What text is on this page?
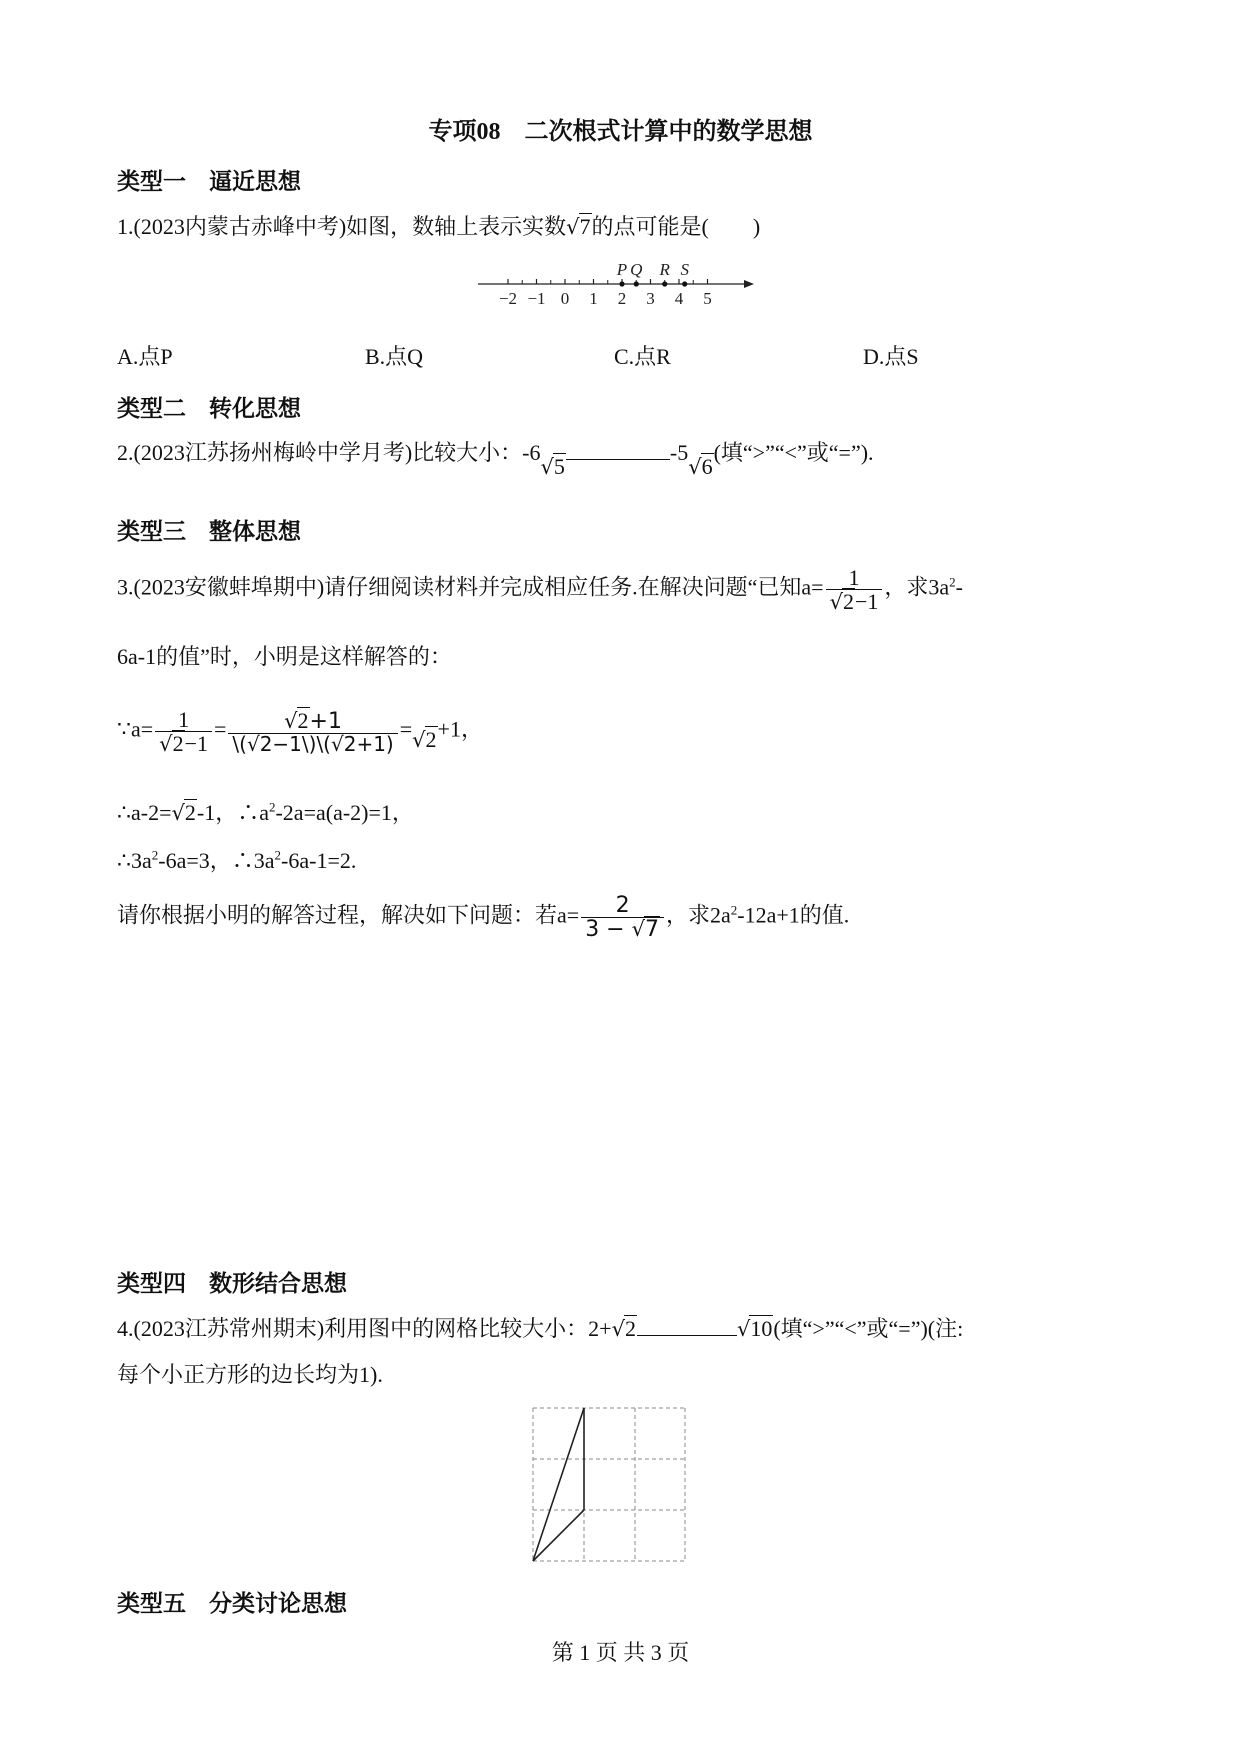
专项08　二次根式计算中的数学思想
类型一　逼近思想
1.(2023内蒙古赤峰中考)如图，数轴上表示实数√7的点可能是(　　)
−2 −1 0 1 2 3 4 5
P Q R S
A.点P	B.点Q	C.点R	D.点S
类型二　转化思想
2.(2023江苏扬州梅岭中学月考)比较大小：-6√5-5√6(填“>”“<”或“=”).
类型三　整体思想
3.(2023安徽蚌埠期中)请仔细阅读材料并完成相应任务.在解决问题“已知$a= \frac{1}{√2-1}$ ，求$3a^2-$
6a-1的值”时，小明是这样解答的：
∵a= $\frac{1}{√2-1} = \frac{√2+1}{\backslash(√2-1\backslash)\backslash(√2+1)} =√2+1$，
∴a-2=√2-1，$\therefore a^2-2a=a(a-2)=1$，
$\therefore 3a^2-6a=3$，$\therefore 3a^2-6a-1=2$.
请你根据小明的解答过程，解决如下问题：若$a= \frac{2}{3 - √7}$ ，求$2a^2-12a+1$的值.
类型四　数形结合思想
4.(2023江苏常州期末)利用图中的网格比较大小：2+√2	√10(填“>”“<”或“=”)(注:
每个小正方形的边长均为1).
类型五　分类讨论思想
第 1 页 共 3 页
